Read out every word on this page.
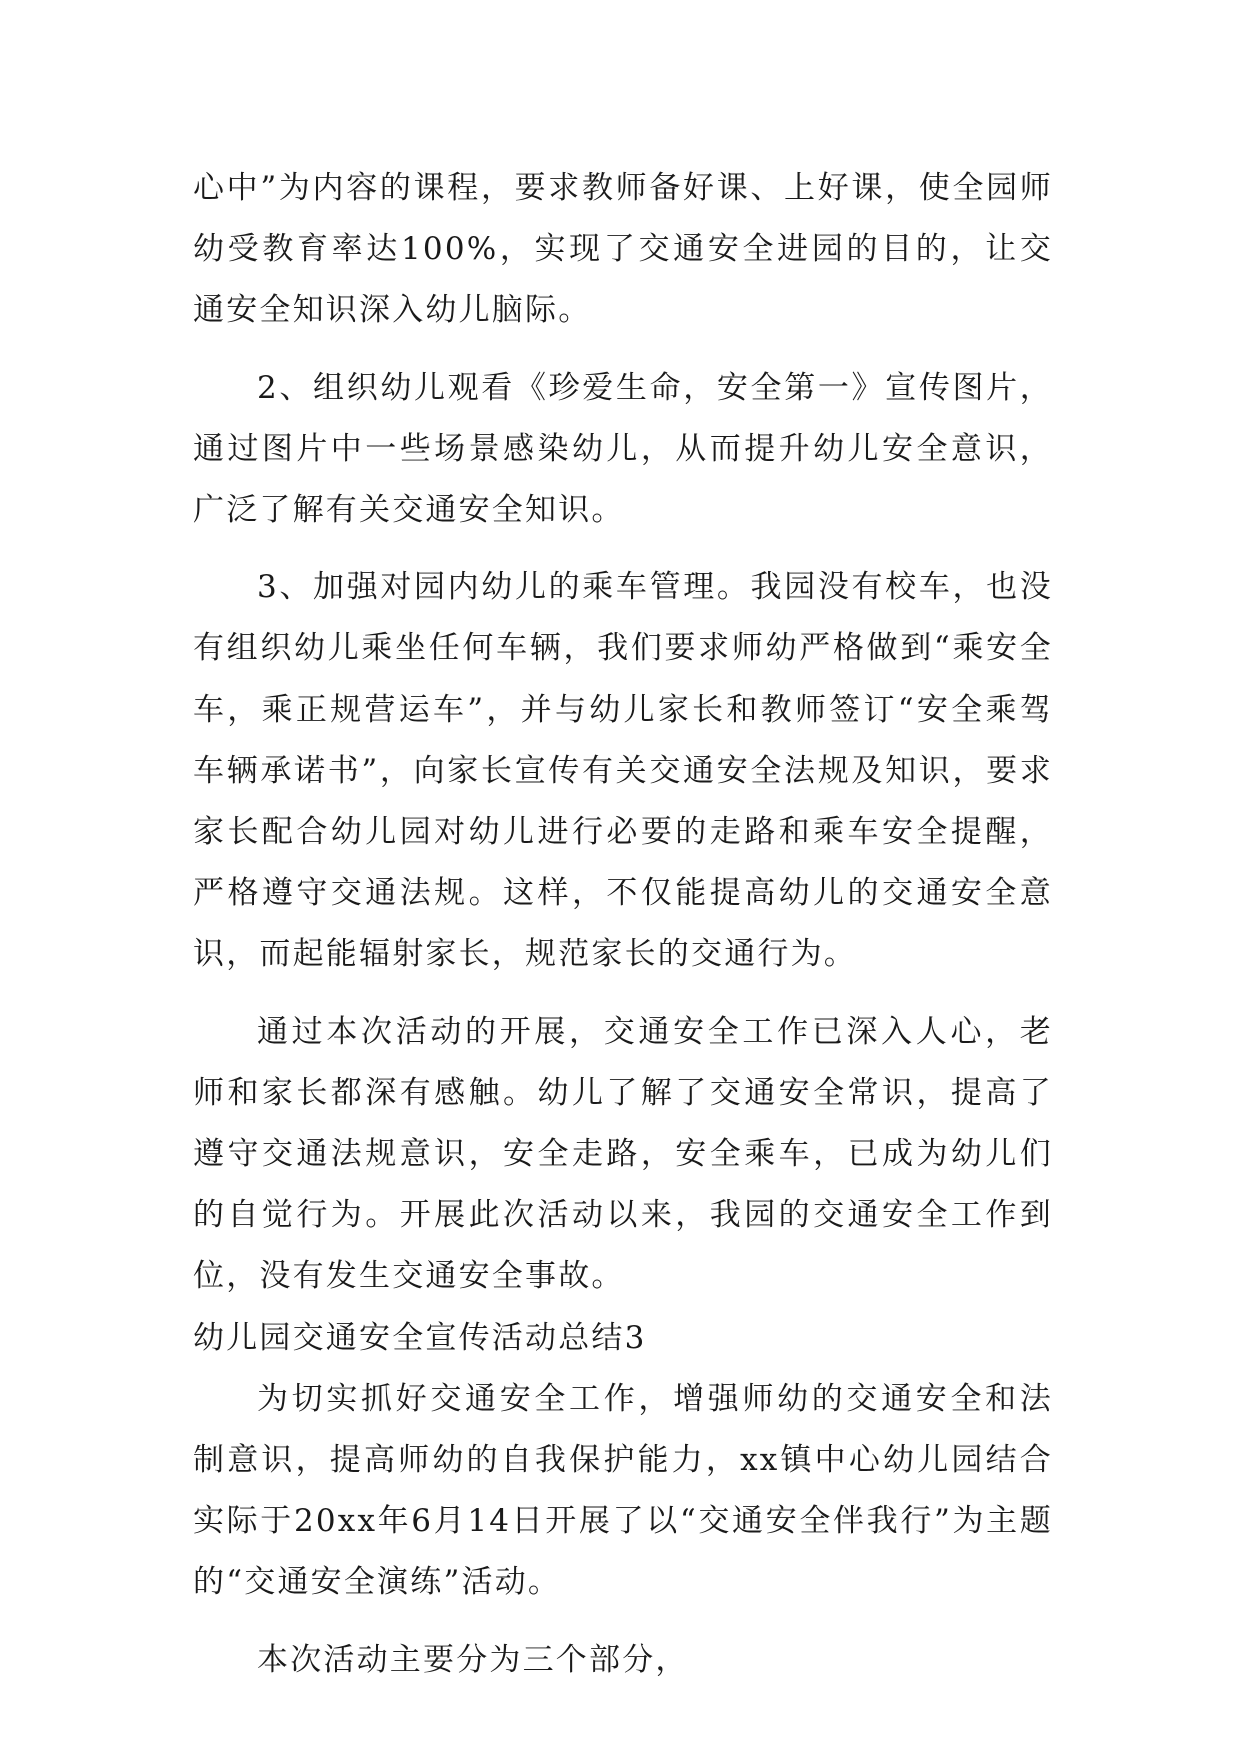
心中”为内容的课程，要求教师备好课、上好课，使全园师幼受教育率达100%，实现了交通安全进园的目的，让交通安全知识深入幼儿脑际。

2、组织幼儿观看《珍爱生命，安全第一》宣传图片，通过图片中一些场景感染幼儿，从而提升幼儿安全意识，广泛了解有关交通安全知识。

3、加强对园内幼儿的乘车管理。我园没有校车，也没有组织幼儿乘坐任何车辆，我们要求师幼严格做到“乘安全车，乘正规营运车”，并与幼儿家长和教师签订“安全乘驾车辆承诺书”，向家长宣传有关交通安全法规及知识，要求家长配合幼儿园对幼儿进行必要的走路和乘车安全提醒，严格遵守交通法规。这样，不仅能提高幼儿的交通安全意识，而起能辐射家长，规范家长的交通行为。

通过本次活动的开展，交通安全工作已深入人心，老师和家长都深有感触。幼儿了解了交通安全常识，提高了遵守交通法规意识，安全走路，安全乘车，已成为幼儿们的自觉行为。开展此次活动以来，我园的交通安全工作到位，没有发生交通安全事故。

幼儿园交通安全宣传活动总结3

为切实抓好交通安全工作，增强师幼的交通安全和法制意识，提高师幼的自我保护能力，xx镇中心幼儿园结合实际于20xx年6月14日开展了以“交通安全伴我行”为主题的“交通安全演练”活动。

本次活动主要分为三个部分，
